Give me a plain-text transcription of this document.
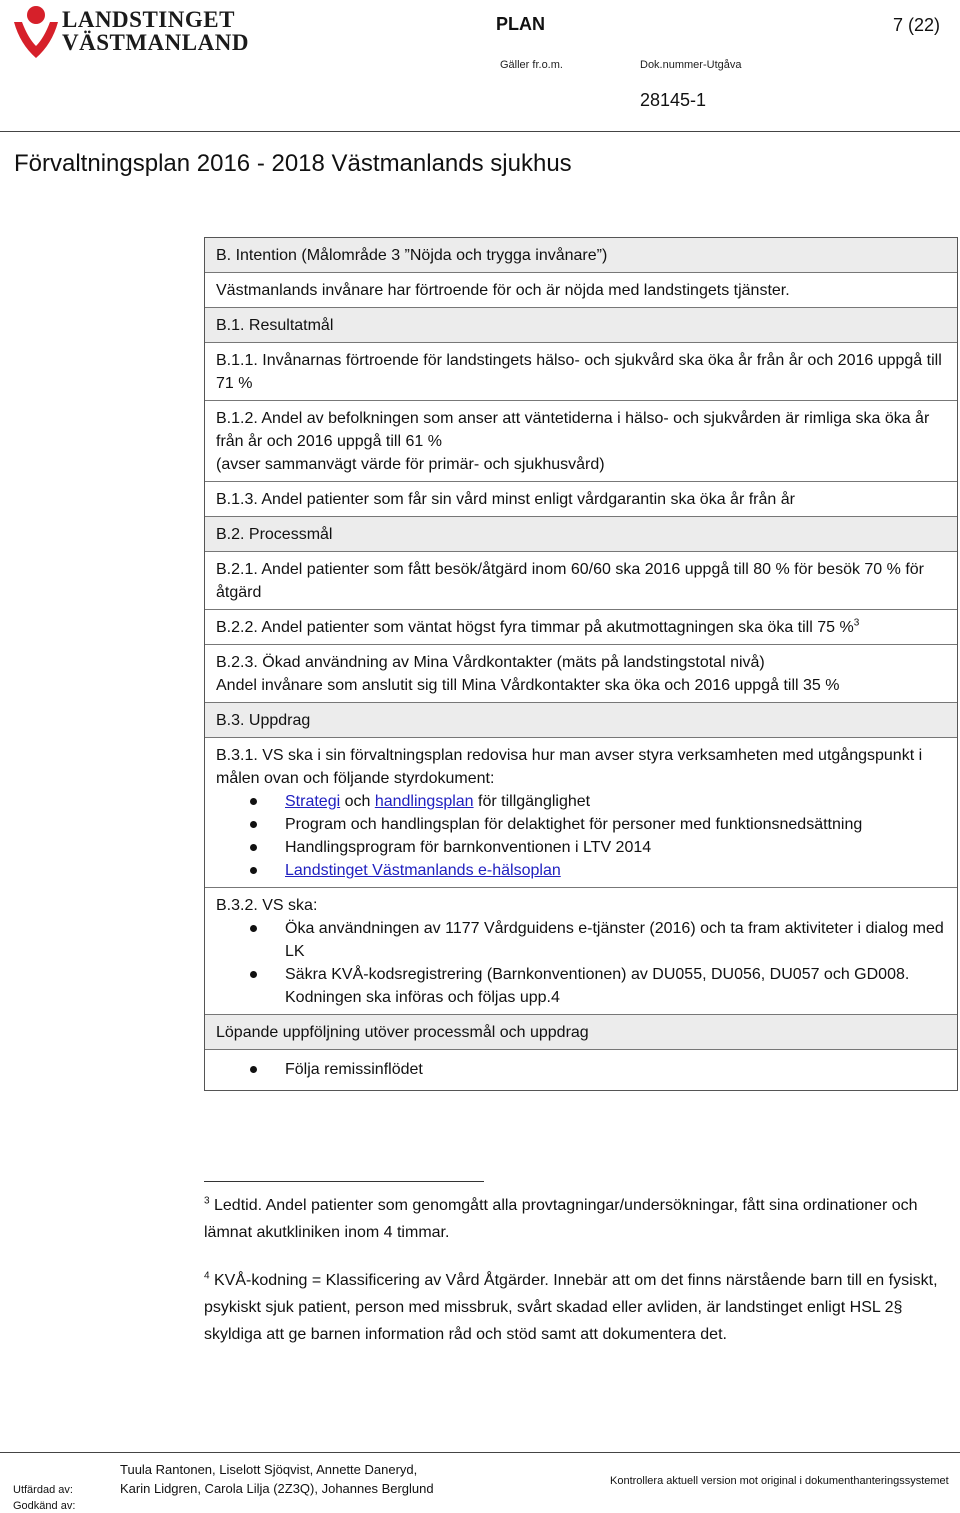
LANDSTINGET
VÄSTMANLAND
PLAN	7 (22)
Gäller fr.o.m.	Dok.nummer-Utgåva
28145-1
Förvaltningsplan 2016 - 2018 Västmanlands sjukhus

B. Intention (Målområde 3 ”Nöjda och trygga invånare”)

Västmanlands invånare har förtroende för och är nöjda med landstingets tjänster.

B.1. Resultatmål

B.1.1. Invånarnas förtroende för landstingets hälso- och sjukvård ska öka år från år och 2016 uppgå till 71 %

B.1.2. Andel av befolkningen som anser att väntetiderna i hälso- och sjukvården är rimliga ska öka år från år och 2016 uppgå till 61 %

(avser sammanvägt värde för primär- och sjukhusvård)

B.1.3. Andel patienter som får sin vård minst enligt vårdgarantin ska öka år från år

B.2. Processmål

B.2.1. Andel patienter som fått besök/åtgärd inom 60/60 ska 2016 uppgå till 80 % för besök 70 % för åtgärd

B.2.2. Andel patienter som väntat högst fyra timmar på akutmottagningen ska öka till 75 %$^3$

B.2.3. Ökad användning av Mina Vårdkontakter (mäts på landstingstotal nivå)

Andel invånare som anslutit sig till Mina Vårdkontakter ska öka och 2016 uppgå till 35 %

B.3. Uppdrag

B.3.1. VS ska i sin förvaltningsplan redovisa hur man avser styra verksamheten med utgångspunkt i målen ovan och följande styrdokument:

Strategi och handlingsplan för tillgänglighet
Program och handlingsplan för delaktighet för personer med funktionsnedsättning
Handlingsprogram för barnkonventionen i LTV 2014
Landstinget Västmanlands e-hälsoplan

B.3.2. VS ska:

Öka användningen av 1177 Vårdguidens e-tjänster (2016) och ta fram aktiviteter i dialog med LK
Säkra KVÅ-kodsregistrering (Barnkonventionen) av DU055, DU056, DU057 och GD008. Kodningen ska införas och följas upp.4

Löpande uppföljning utöver processmål och uppdrag

Följa remissinflödet
$^3$ Ledtid. Andel patienter som genomgått alla provtagningar/undersökningar, fått sina ordinationer och lämnat akutkliniken inom 4 timmar.
$^4$ KVÅ-kodning = Klassificering av Vård Åtgärder. Innebär att om det finns närstående barn till en fysiskt, psykiskt sjuk patient, person med missbruk, svårt skadad eller avliden, är landstinget enligt HSL 2§ skyldiga att ge barnen information råd och stöd samt att dokumentera det.
Utfärdad av:
Godkänd av:
Tuula Rantonen, Liselott Sjöqvist, Annette Daneryd,
Karin Lidgren, Carola Lilja (2Z3Q), Johannes Berglund	Kontrollera aktuell version mot original i dokumenthanteringssystemet
